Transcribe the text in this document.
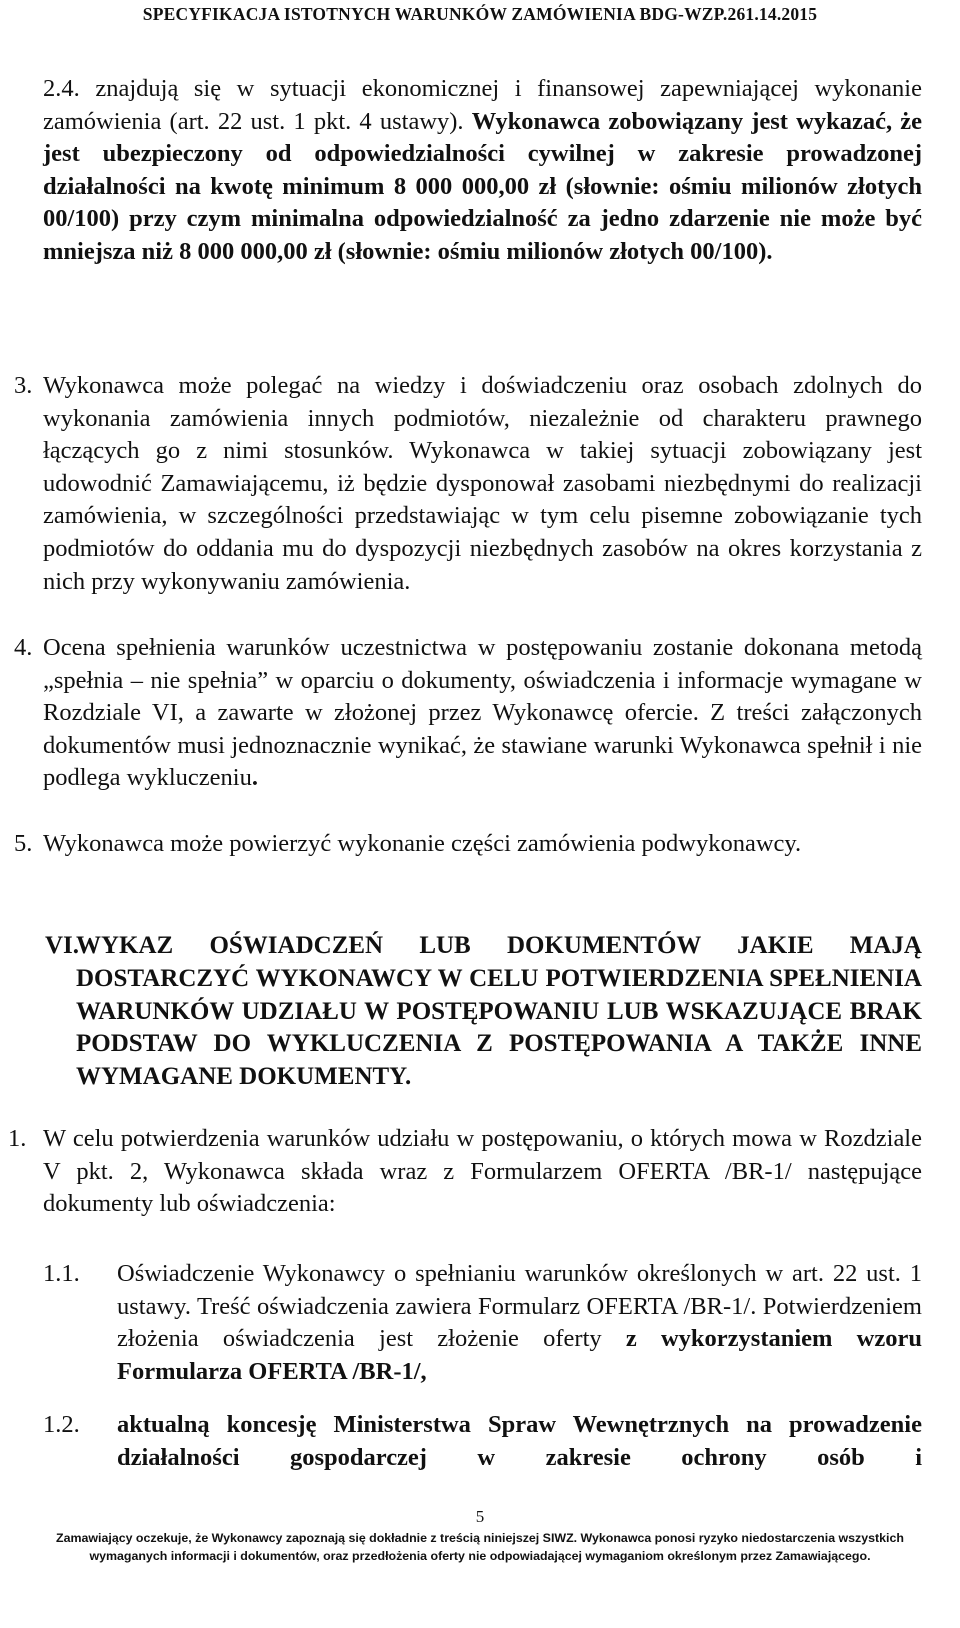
SPECYFIKACJA ISTOTNYCH WARUNKÓW ZAMÓWIENIA BDG-WZP.261.14.2015

2.4. znajdują się w sytuacji ekonomicznej i finansowej zapewniającej wykonanie zamówienia (art. 22 ust. 1 pkt. 4 ustawy). Wykonawca zobowiązany jest wykazać, że jest ubezpieczony od odpowiedzialności cywilnej w zakresie prowadzonej działalności na kwotę minimum 8 000 000,00 zł (słownie: ośmiu milionów złotych 00/100) przy czym minimalna odpowiedzialność za jedno zdarzenie nie może być mniejsza niż 8 000 000,00 zł (słownie: ośmiu milionów złotych 00/100).

3. Wykonawca może polegać na wiedzy i doświadczeniu oraz osobach zdolnych do wykonania zamówienia innych podmiotów, niezależnie od charakteru prawnego łączących go z nimi stosunków. Wykonawca w takiej sytuacji zobowiązany jest udowodnić Zamawiającemu, iż będzie dysponował zasobami niezbędnymi do realizacji zamówienia, w szczególności przedstawiając w tym celu pisemne zobowiązanie tych podmiotów do oddania mu do dyspozycji niezbędnych zasobów na okres korzystania z nich przy wykonywaniu zamówienia.
4. Ocena spełnienia warunków uczestnictwa w postępowaniu zostanie dokonana metodą „spełnia – nie spełnia” w oparciu o dokumenty, oświadczenia i informacje wymagane w Rozdziale VI, a zawarte w złożonej przez Wykonawcę ofercie. Z treści załączonych dokumentów musi jednoznacznie wynikać, że stawiane warunki Wykonawca spełnił i nie podlega wykluczeniu.

5. Wykonawca może powierzyć wykonanie części zamówienia podwykonawcy.
VI.
WYKAZ OŚWIADCZEŃ LUB DOKUMENTÓW JAKIE MAJĄ DOSTARCZYĆ WYKONAWCY W CELU POTWIERDZENIA SPEŁNIENIA WARUNKÓW UDZIAŁU W POSTĘPOWANIU LUB WSKAZUJĄCE BRAK PODSTAW DO WYKLUCZENIA Z POSTĘPOWANIA A TAKŻE INNE WYMAGANE DOKUMENTY.
1. W celu potwierdzenia warunków udziału w postępowaniu, o których mowa w Rozdziale V pkt. 2, Wykonawca składa wraz z Formularzem OFERTA /BR-1/ następujące dokumenty lub oświadczenia:
1.1. Oświadczenie Wykonawcy o spełnianiu warunków określonych w art. 22 ust. 1 ustawy. Treść oświadczenia zawiera Formularz OFERTA /BR-1/. Potwierdzeniem złożenia oświadczenia jest złożenie oferty z wykorzystaniem wzoru Formularza OFERTA /BR-1/,

1.2. aktualną koncesję Ministerstwa Spraw Wewnętrznych na prowadzenie działalności gospodarczej w zakresie ochrony osób i
5
Zamawiający oczekuje, że Wykonawcy zapoznają się dokładnie z treścią niniejszej SIWZ. Wykonawca ponosi ryzyko niedostarczenia wszystkich
wymaganych informacji i dokumentów, oraz przedłożenia oferty nie odpowiadającej wymaganiom określonym przez Zamawiającego.
